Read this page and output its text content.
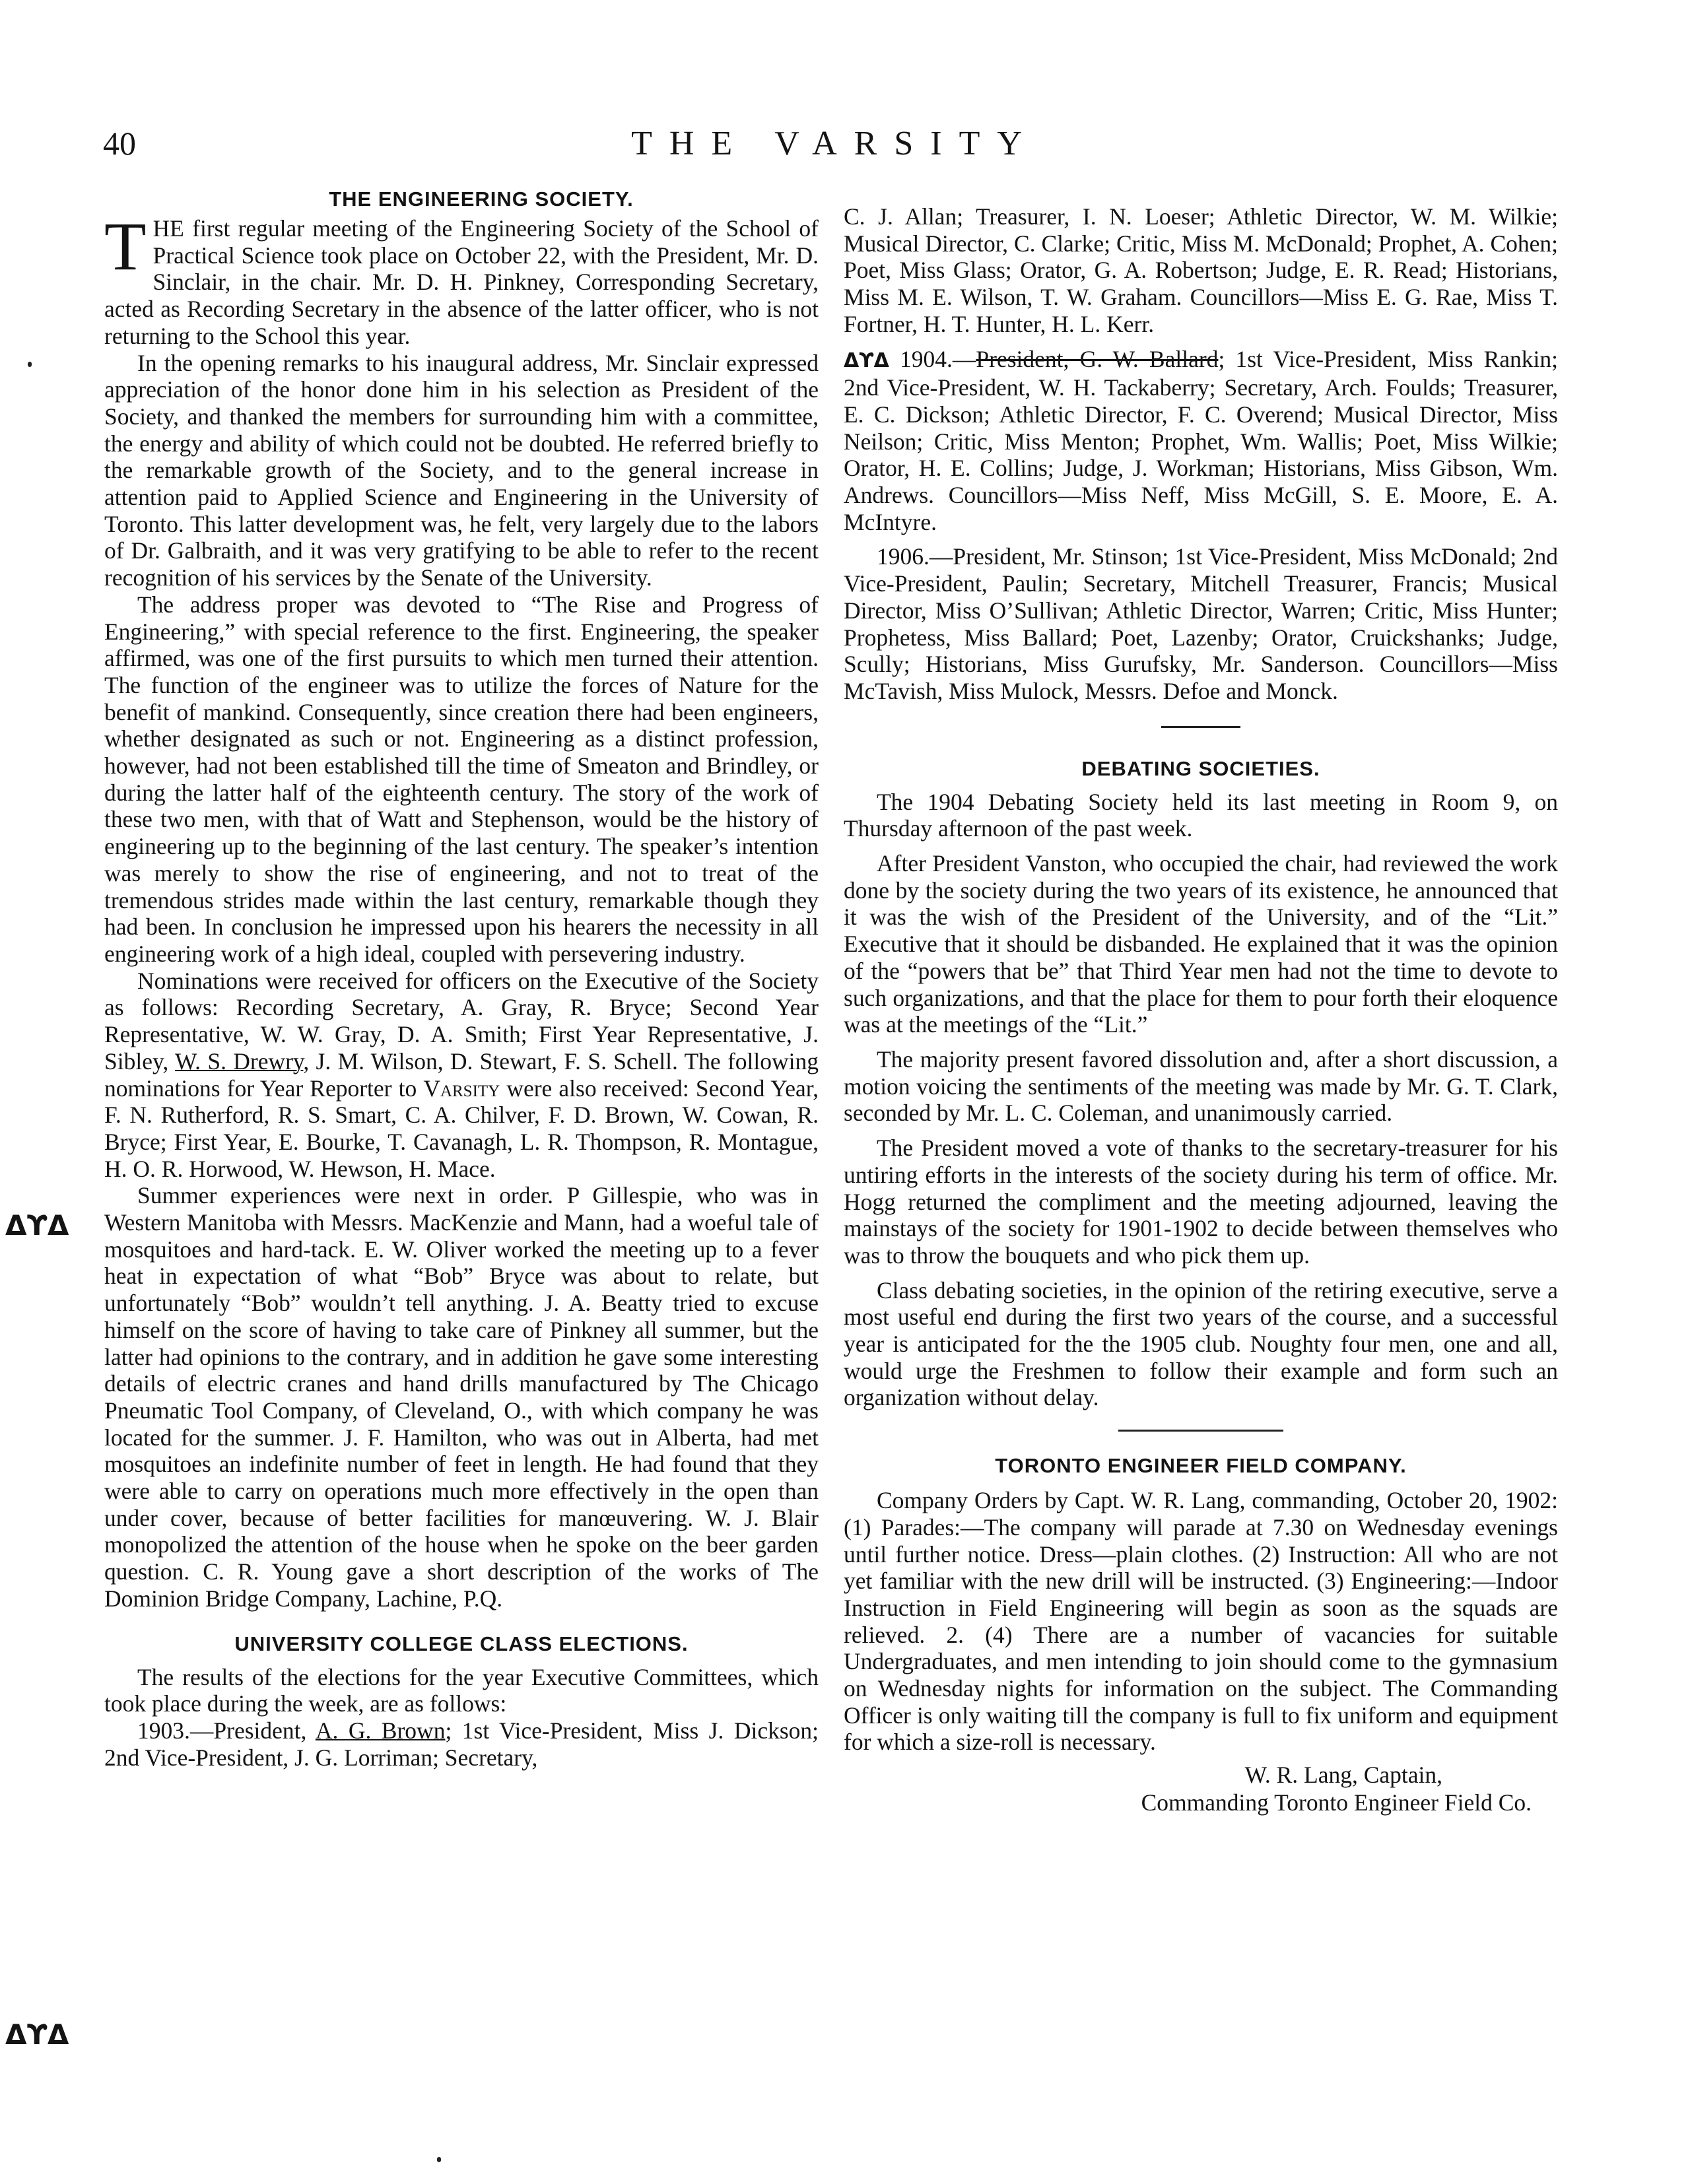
40	THE VARSITY
ΔϒΔ
ΔϒΔ
THE ENGINEERING SOCIETY.

THE first regular meeting of the Engineering Society of the School of Practical Science took place on October 22, with the President, Mr. D. Sinclair, in the chair. Mr. D. H. Pinkney, Corresponding Secretary, acted as Recording Secretary in the absence of the latter officer, who is not returning to the School this year.

In the opening remarks to his inaugural address, Mr. Sinclair expressed appreciation of the honor done him in his selection as President of the Society, and thanked the members for surrounding him with a committee, the energy and ability of which could not be doubted. He referred briefly to the remarkable growth of the Society, and to the general increase in attention paid to Applied Science and Engineering in the University of Toronto. This latter development was, he felt, very largely due to the labors of Dr. Galbraith, and it was very gratifying to be able to refer to the recent recognition of his services by the Senate of the University.

The address proper was devoted to “The Rise and Progress of Engineering,” with special reference to the first. Engineering, the speaker affirmed, was one of the first pursuits to which men turned their attention. The function of the engineer was to utilize the forces of Nature for the benefit of mankind. Consequently, since creation there had been engineers, whether designated as such or not. Engineering as a distinct profession, however, had not been established till the time of Smeaton and Brindley, or during the latter half of the eighteenth century. The story of the work of these two men, with that of Watt and Stephenson, would be the history of engineering up to the beginning of the last century. The speaker’s intention was merely to show the rise of engineering, and not to treat of the tremendous strides made within the last century, remarkable though they had been. In conclusion he impressed upon his hearers the necessity in all engineering work of a high ideal, coupled with persevering industry.

Nominations were received for officers on the Executive of the Society as follows: Recording Secretary, A. Gray, R. Bryce; Second Year Representative, W. W. Gray, D. A. Smith; First Year Representative, J. Sibley, W. S. Drewry, J. M. Wilson, D. Stewart, F. S. Schell. The following nominations for Year Reporter to Varsity were also received: Second Year, F. N. Rutherford, R. S. Smart, C. A. Chilver, F. D. Brown, W. Cowan, R. Bryce; First Year, E. Bourke, T. Cavanagh, L. R. Thompson, R. Montague, H. O. R. Horwood, W. Hewson, H. Mace.

Summer experiences were next in order. P Gillespie, who was in Western Manitoba with Messrs. MacKenzie and Mann, had a woeful tale of mosquitoes and hard-tack. E. W. Oliver worked the meeting up to a fever heat in expectation of what “Bob” Bryce was about to relate, but unfortunately “Bob” wouldn’t tell anything. J. A. Beatty tried to excuse himself on the score of having to take care of Pinkney all summer, but the latter had opinions to the contrary, and in addition he gave some interesting details of electric cranes and hand drills manufactured by The Chicago Pneumatic Tool Company, of Cleveland, O., with which company he was located for the summer. J. F. Hamilton, who was out in Alberta, had met mosquitoes an indefinite number of feet in length. He had found that they were able to carry on operations much more effectively in the open than under cover, because of better facilities for manœuvering. W. J. Blair monopolized the attention of the house when he spoke on the beer garden question. C. R. Young gave a short description of the works of The Dominion Bridge Company, Lachine, P.Q.

UNIVERSITY COLLEGE CLASS ELECTIONS.

The results of the elections for the year Executive Committees, which took place during the week, are as follows:

1903.—President, A. G. Brown; 1st Vice-President, Miss J. Dickson; 2nd Vice-President, J. G. Lorriman; Secretary,

C. J. Allan; Treasurer, I. N. Loeser; Athletic Director, W. M. Wilkie; Musical Director, C. Clarke; Critic, Miss M. McDonald; Prophet, A. Cohen; Poet, Miss Glass; Orator, G. A. Robertson; Judge, E. R. Read; Historians, Miss M. E. Wilson, T. W. Graham. Councillors—Miss E. G. Rae, Miss T. Fortner, H. T. Hunter, H. L. Kerr.

ΔϒΔ 1904.—President, G. W. Ballard; 1st Vice-President, Miss Rankin; 2nd Vice-President, W. H. Tackaberry; Secretary, Arch. Foulds; Treasurer, E. C. Dickson; Athletic Director, F. C. Overend; Musical Director, Miss Neilson; Critic, Miss Menton; Prophet, Wm. Wallis; Poet, Miss Wilkie; Orator, H. E. Collins; Judge, J. Workman; Historians, Miss Gibson, Wm. Andrews. Councillors—Miss Neff, Miss McGill, S. E. Moore, E. A. McIntyre.

1906.—President, Mr. Stinson; 1st Vice-President, Miss McDonald; 2nd Vice-President, Paulin; Secretary, Mitchell Treasurer, Francis; Musical Director, Miss O’Sullivan; Athletic Director, Warren; Critic, Miss Hunter; Prophetess, Miss Ballard; Poet, Lazenby; Orator, Cruickshanks; Judge, Scully; Historians, Miss Gurufsky, Mr. Sanderson. Councillors—Miss McTavish, Miss Mulock, Messrs. Defoe and Monck.

DEBATING SOCIETIES.

The 1904 Debating Society held its last meeting in Room 9, on Thursday afternoon of the past week.

After President Vanston, who occupied the chair, had reviewed the work done by the society during the two years of its existence, he announced that it was the wish of the President of the University, and of the “Lit.” Executive that it should be disbanded. He explained that it was the opinion of the “powers that be” that Third Year men had not the time to devote to such organizations, and that the place for them to pour forth their eloquence was at the meetings of the “Lit.”

The majority present favored dissolution and, after a short discussion, a motion voicing the sentiments of the meeting was made by Mr. G. T. Clark, seconded by Mr. L. C. Coleman, and unanimously carried.

The President moved a vote of thanks to the secretary-treasurer for his untiring efforts in the interests of the society during his term of office. Mr. Hogg returned the compliment and the meeting adjourned, leaving the mainstays of the society for 1901-1902 to decide between themselves who was to throw the bouquets and who pick them up.

Class debating societies, in the opinion of the retiring executive, serve a most useful end during the first two years of the course, and a successful year is anticipated for the the 1905 club. Noughty four men, one and all, would urge the Freshmen to follow their example and form such an organization without delay.

TORONTO ENGINEER FIELD COMPANY.

Company Orders by Capt. W. R. Lang, commanding, October 20, 1902: (1) Parades:—The company will parade at 7.30 on Wednesday evenings until further notice. Dress—plain clothes. (2) Instruction: All who are not yet familiar with the new drill will be instructed. (3) Engineering:—Indoor Instruction in Field Engineering will begin as soon as the squads are relieved. 2. (4) There are a number of vacancies for suitable Undergraduates, and men intending to join should come to the gymnasium on Wednesday nights for information on the subject. The Commanding Officer is only waiting till the company is full to fix uniform and equipment for which a size-roll is necessary.

W. R. Lang, Captain,
Commanding Toronto Engineer Field Co.
